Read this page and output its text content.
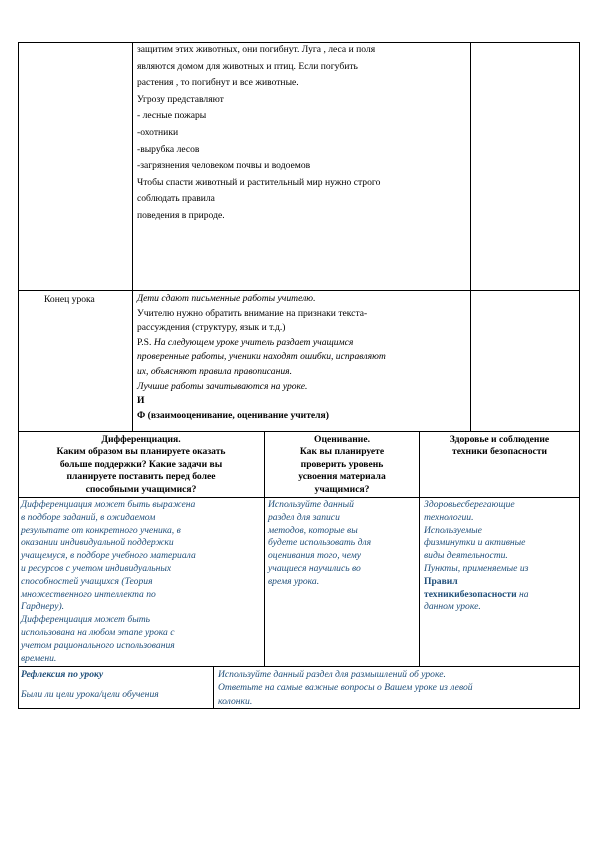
защитим этих животных, они погибнут. Луга , леса и поля
являются домом для животных и птиц. Если погубить
растения , то погибнут и все животные.
Угрозу представляют
- лесные пожары
-охотники
-вырубка лесов
-загрязнения человеком почвы и водоемов
Чтобы спасти животный и растительный мир нужно строго
соблюдать правила
поведения в природе.
Конец урока	Дети сдают письменные работы учителю.
Учителю нужно обратить внимание на признаки текста-
рассуждения (структуру, язык и т.д.)
P.S. На следующем уроке учитель раздает учащимся
проверенные работы, ученики находят ошибки, исправляют
их, объясняют правила правописания.
Лучшие работы зачитываются на уроке.
И
Ф (взаимооценивание, оценивание учителя)
Дифференциация.
Каким образом вы планируете оказать
больше поддержки? Какие задачи вы
планируете поставить перед более
способными учащимися?
Оценивание.
Как вы планируете
проверить уровень
усвоения материала
учащимися?
Здоровье и соблюдение
техники безопасности
Дифференциация может быть выражена
в подборе заданий, в ожидаемом
результате от конкретного ученика, в
оказании индивидуальной поддержки
учащемуся, в подборе учебного материала
и ресурсов с учетом индивидуальных
способностей учащихся (Теория
множественного интеллекта по
Гарднеру).
Дифференциация может быть
использована на любом этапе урока с
учетом рационального использования
времени.
Используйте данный
раздел для записи
методов, которые вы
будете использовать для
оценивания того, чему
учащиеся научились во
время урока.
Здоровьесберегающие
технологии.
Используемые
физминутки и активные
виды деятельности.
Пункты, применяемые из
Правил
техникибезопасности на
данном уроке.
Рефлексия по уроку
Были ли цели урока/цели обучения
Используйте данный раздел для размышлений об уроке.
Ответьте на самые важные вопросы о Вашем уроке из левой
колонки.
